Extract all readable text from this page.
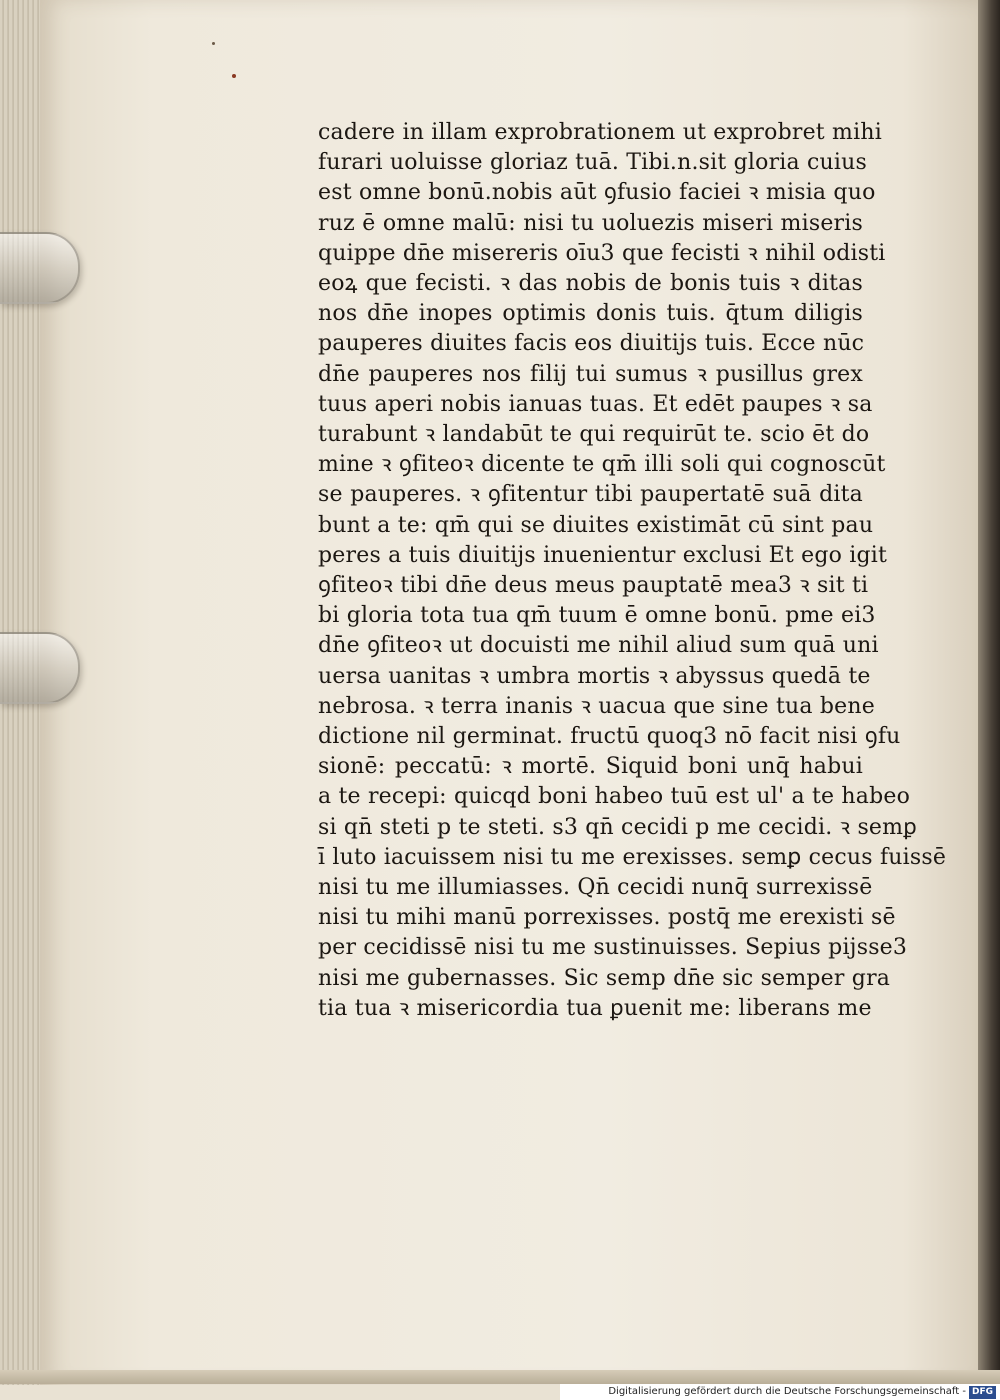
cadere in illam exprobrationem ut exprobret mihi
furari uoluisse gloriaz tuā. Tibi.n.sit gloria cuius
est omne bonū.nobis aūt ꝯfusio faciei ꝛ misia quo
ruz ē omne malū: nisi tu uoluezis miseri miseris
quippe dn̄e misereris oīu3 que fecisti ꝛ nihil odisti
eoꝝ que fecisti. ꝛ das nobis de bonis tuis ꝛ ditas
nos dn̄e inopes optimis donis tuis. q̄tum diligis
pauperes diuites facis eos diuitijs tuis. Ecce nūc
dn̄e pauperes nos filij tui sumus ꝛ pusillus grex
tuus aperi nobis ianuas tuas. Et edēt paupes ꝛ sa
turabunt ꝛ landabūt te qui requirūt te. scio ēt do
mine ꝛ ꝯfiteoꝛ dicente te qm̄ illi soli qui cognoscūt
se pauperes. ꝛ ꝯfitentur tibi paupertatē suā dita
bunt a te: qm̄ qui se diuites existimāt cū sint pau
peres a tuis diuitijs inuenientur exclusi Et ego igit
ꝯfiteoꝛ tibi dn̄e deus meus pauptatē mea3 ꝛ sit ti
bi gloria tota tua qm̄ tuum ē omne bonū. pme ei3
dn̄e ꝯfiteoꝛ ut docuisti me nihil aliud sum quā uni
uersa uanitas ꝛ umbra mortis ꝛ abyssus quedā te
nebrosa. ꝛ terra inanis ꝛ uacua que sine tua bene
dictione nil germinat. fructū quoq3 nō facit nisi ꝯfu
sionē: peccatū: ꝛ mortē. Siquid boni unq̄ habui
a te recepi: quicqd boni habeo tuū est ul' a te habeo
si qn̄ steti p te steti. s3 qn̄ cecidi p me cecidi. ꝛ semꝑ
ī luto iacuissem nisi tu me erexisses. semꝑ cecus fuissē
nisi tu me illumiasses. Qn̄ cecidi nunq̄ surrexissē
nisi tu mihi manū porrexisses. postq̄ me erexisti sē
per cecidissē nisi tu me sustinuisses. Sepius pijsse3
nisi me gubernasses. Sic semp dn̄e sic semper gra
tia tua ꝛ misericordia tua ꝑuenit me: liberans me
Digitalisierung gefördert durch die Deutsche Forschungsgemeinschaft - DFG
